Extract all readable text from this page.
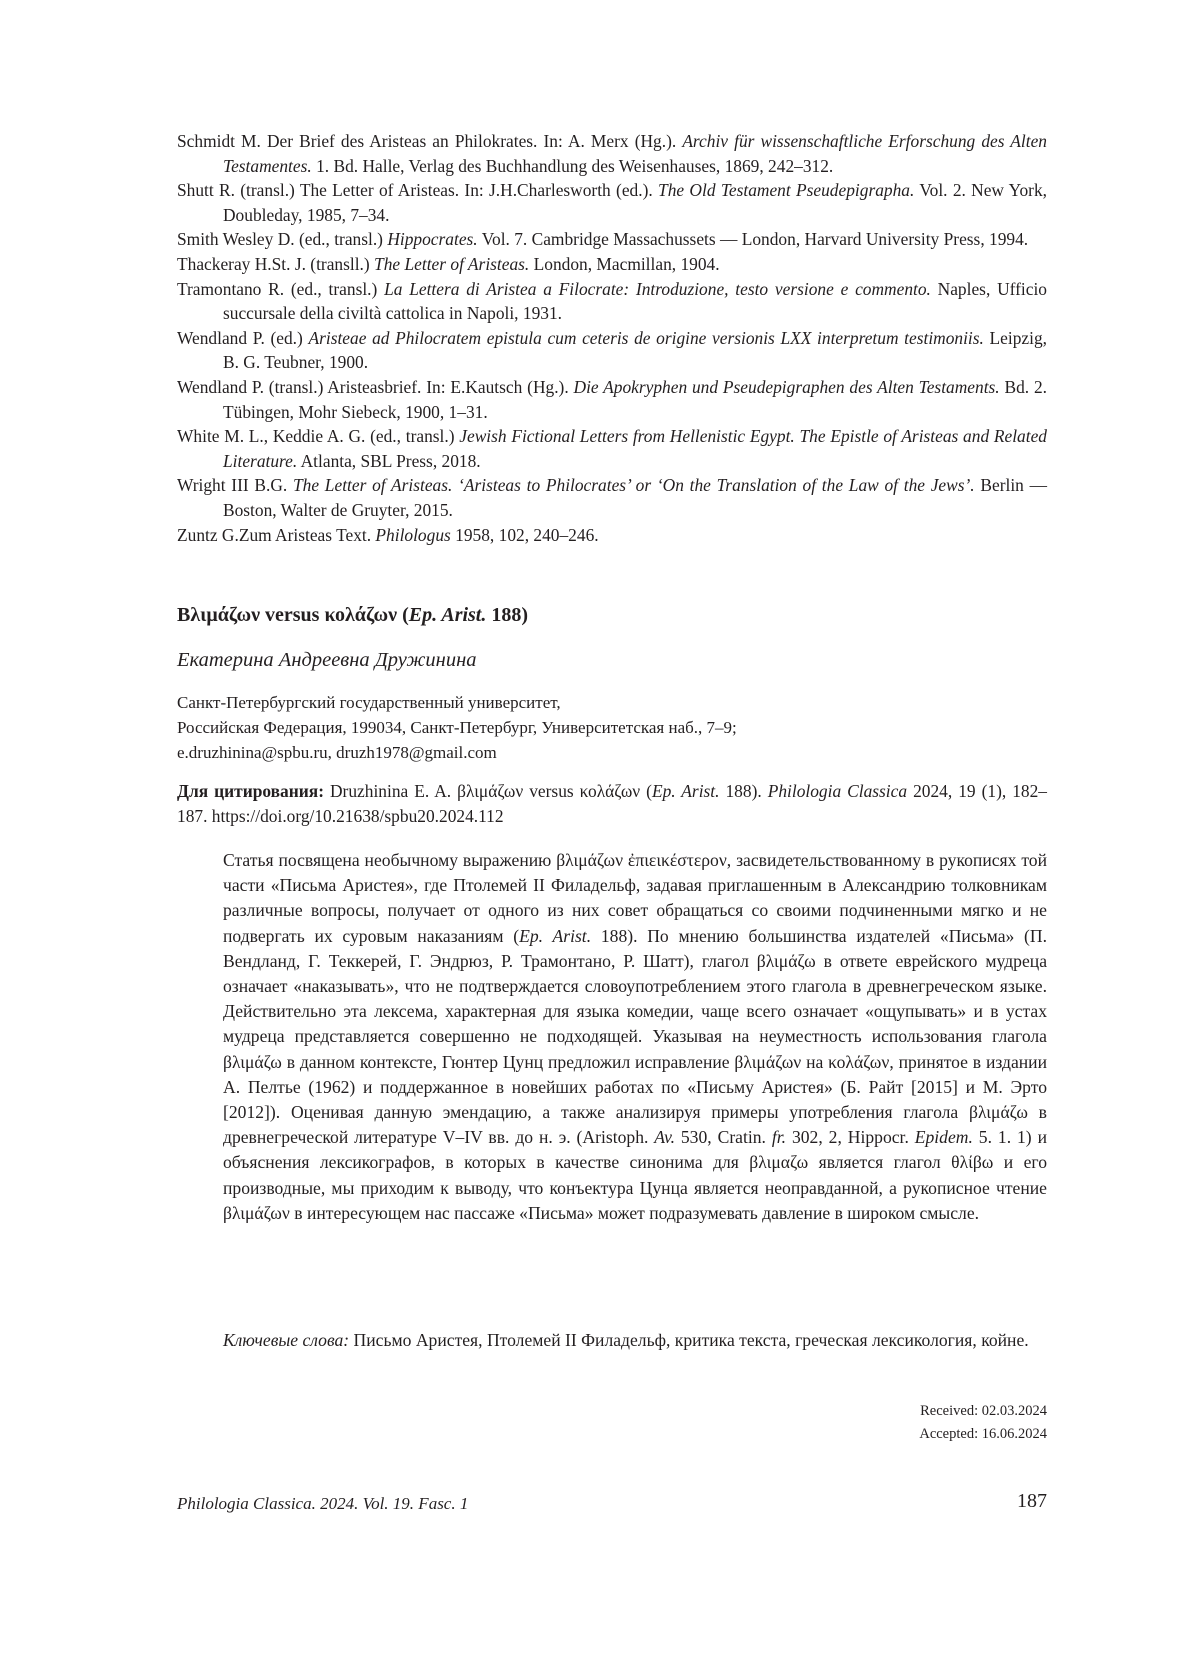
Schmidt M. Der Brief des Aristeas an Philokrates. In: A. Merx (Hg.). Archiv für wissenschaftliche Erforschung des Alten Testamentes. 1. Bd. Halle, Verlag des Buchhandlung des Weisenhauses, 1869, 242–312.
Shutt R. (transl.) The Letter of Aristeas. In: J.H.Charlesworth (ed.). The Old Testament Pseudepigrapha. Vol. 2. New York, Doubleday, 1985, 7–34.
Smith Wesley D. (ed., transl.) Hippocrates. Vol. 7. Cambridge Massachussets — London, Harvard University Press, 1994.
Thackeray H.St. J. (transll.) The Letter of Aristeas. London, Macmillan, 1904.
Tramontano R. (ed., transl.) La Lettera di Aristea a Filocrate: Introduzione, testo versione e commento. Naples, Ufficio succursale della civiltà cattolica in Napoli, 1931.
Wendland P. (ed.) Aristeae ad Philocratem epistula cum ceteris de origine versionis LXX interpretum testimoniis. Leipzig, B. G. Teubner, 1900.
Wendland P. (transl.) Aristeasbrief. In: E.Kautsch (Hg.). Die Apokryphen und Pseudepigraphen des Alten Testaments. Bd. 2. Tübingen, Mohr Siebeck, 1900, 1–31.
White M. L., Keddie A. G. (ed., transl.) Jewish Fictional Letters from Hellenistic Egypt. The Epistle of Aristeas and Related Literature. Atlanta, SBL Press, 2018.
Wright III B.G. The Letter of Aristeas. ‘Aristeas to Philocrates’ or ‘On the Translation of the Law of the Jews’. Berlin — Boston, Walter de Gruyter, 2015.
Zuntz G.Zum Aristeas Text. Philologus 1958, 102, 240–246.
Βλιμάζων versus κολάζων (Ep. Arist. 188)
Екатерина Андреевна Дружинина
Санкт-Петербургский государственный университет,
Российская Федерация, 199034, Санкт-Петербург, Университетская наб., 7–9;
e.druzhinina@spbu.ru, druzh1978@gmail.com
Для цитирования: Druzhinina E. A. βλιμάζων versus κολάζων (Ep. Arist. 188). Philologia Classica 2024, 19 (1), 182–187. https://doi.org/10.21638/spbu20.2024.112
Статья посвящена необычному выражению βλιμάζων ἐπιεικέστερον, засвидетельствованному в рукописях той части «Письма Аристея», где Птолемей II Филадельф, задавая приглашенным в Александрию толковникам различные вопросы, получает от одного из них совет обращаться со своими подчиненными мягко и не подвергать их суровым наказаниям (Ep. Arist. 188). По мнению большинства издателей «Письма» (П. Вендланд, Г. Теккерей, Г. Эндрюз, Р. Трамонтано, Р. Шатт), глагол βλιμάζω в ответе еврейского мудреца означает «наказывать», что не подтверждается словоупотреблением этого глагола в древнегреческом языке. Действительно эта лексема, характерная для языка комедии, чаще всего означает «ощупывать» и в устах мудреца представляется совершенно не подходящей. Указывая на неуместность использования глагола βλιμάζω в данном контексте, Гюнтер Цунц предложил исправление βλιμάζων на κολάζων, принятое в издании А. Пелтье (1962) и поддержанное в новейших работах по «Письму Аристея» (Б. Райт [2015] и М. Эрто [2012]). Оценивая данную эмендацию, а также анализируя примеры употребления глагола βλιμάζω в древнегреческой литературе V–IV вв. до н. э. (Aristoph. Av. 530, Cratin. fr. 302, 2, Hippocr. Epidem. 5. 1. 1) и объяснения лексикографов, в которых в качестве синонима для βλιμαζω является глагол θλίβω и его производные, мы приходим к выводу, что конъектура Цунца является неоправданной, а рукописное чтение βλιμάζων в интересующем нас пассаже «Письма» может подразумевать давление в широком смысле.
Ключевые слова: Письмо Аристея, Птолемей II Филадельф, критика текста, греческая лексикология, койне.
Received: 02.03.2024
Accepted: 16.06.2024
Philologia Classica. 2024. Vol. 19. Fasc. 1	187
